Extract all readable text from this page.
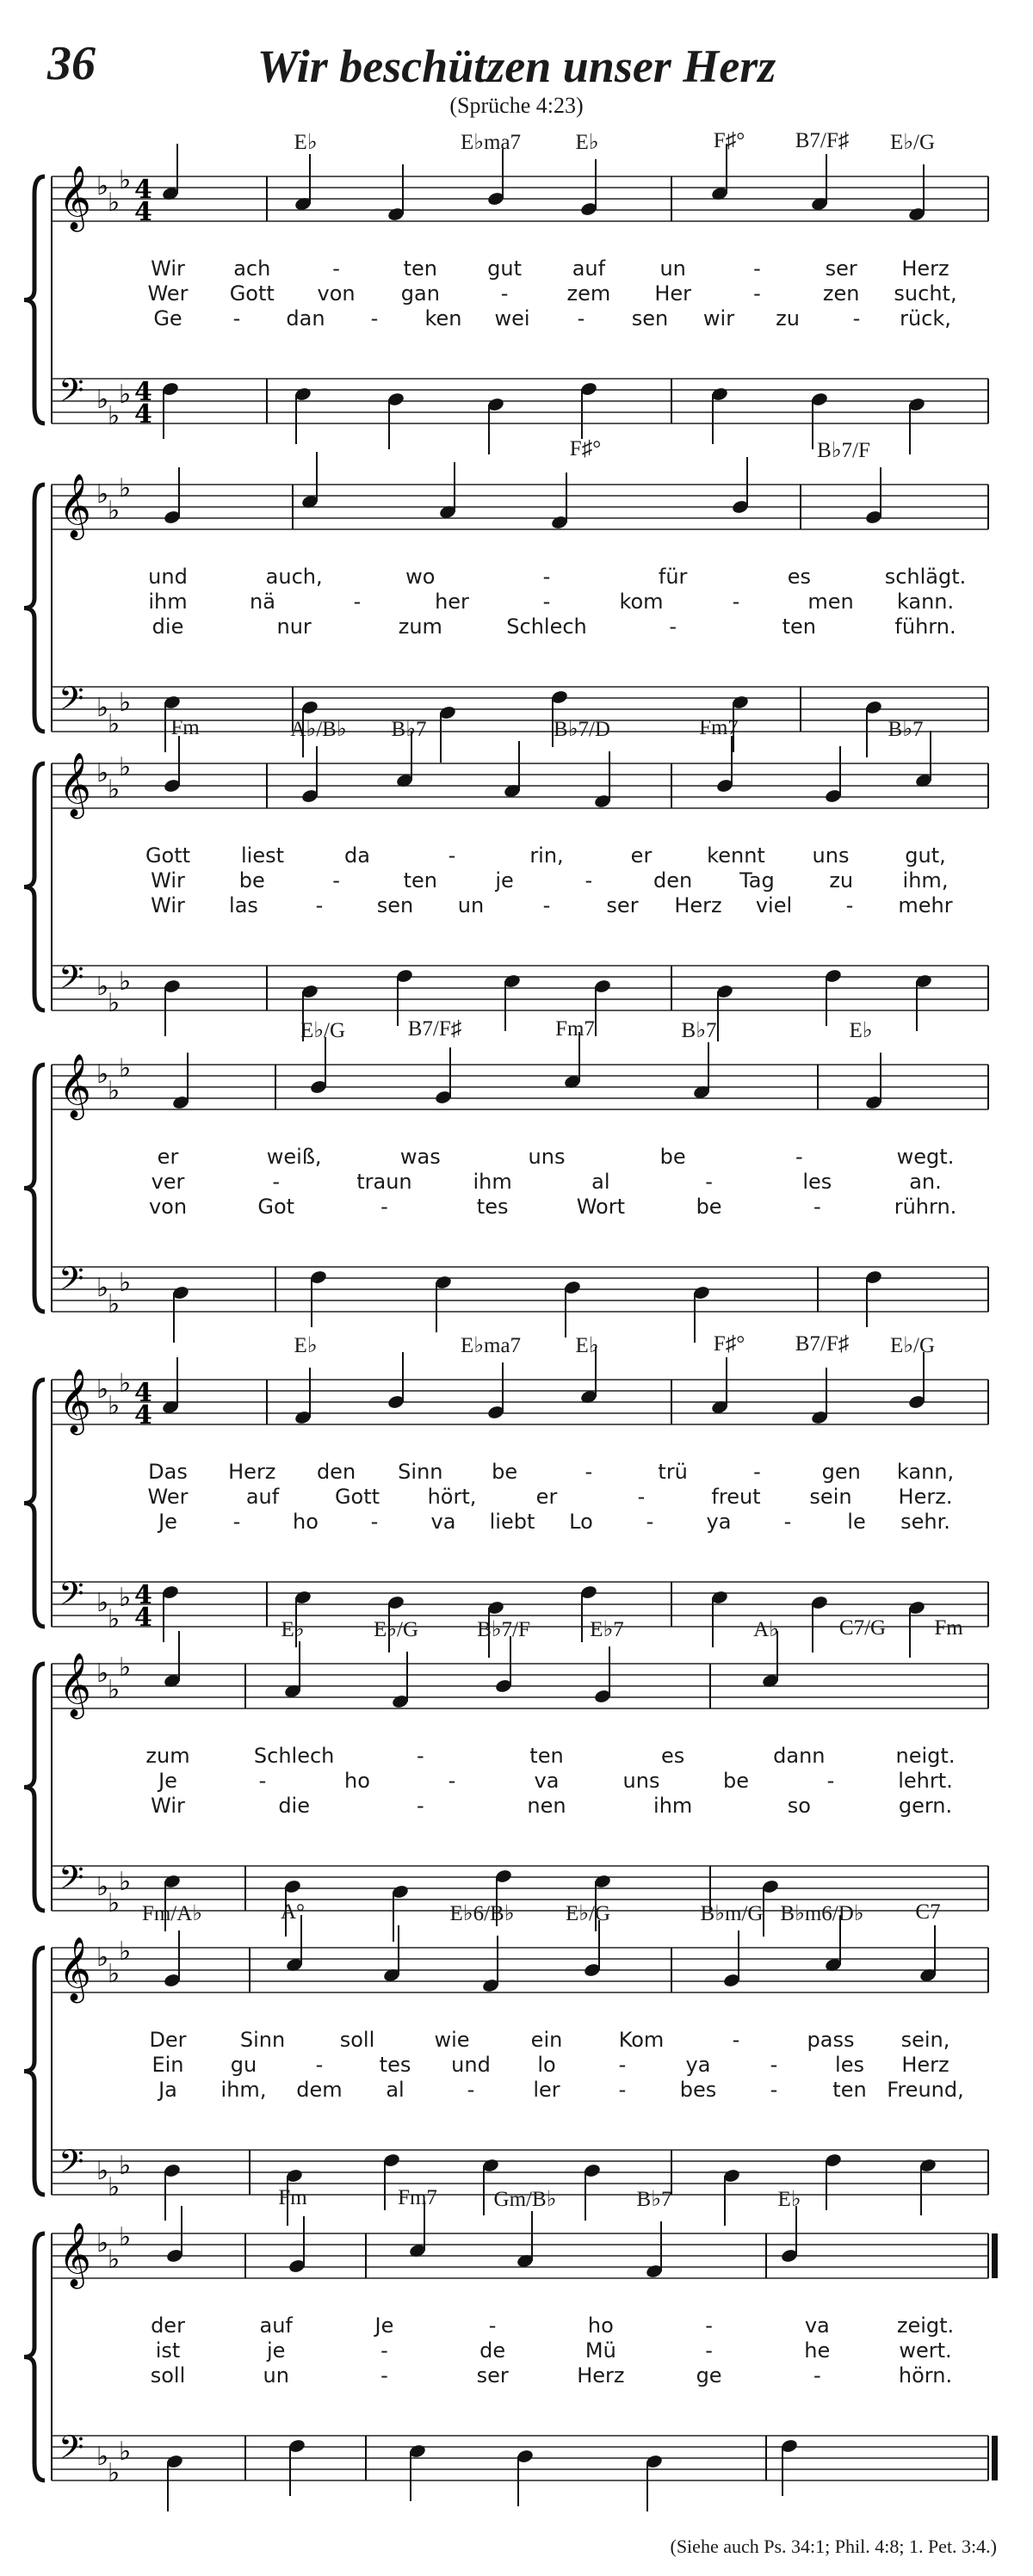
36	Wir beschützen unser Herz
(Sprüche 4:23)
𝄞
𝄢
♭
♭
♭
♭
♭
♭
4
4
4
4
E♭	E♭ma7	E♭	F♯° B7/F♯ E♭/G
Wir ach	-	ten gut auf	un	-	ser Herz
Wer Gott von gan	-	zem Her	-	zen sucht,
Ge - dan - ken wei - sen wir zu	- rück,
𝄞
𝄢
♭
♭
♭
♭
♭
♭
F♯°	B♭7/F
und	auch,	wo	-	für	es	schlägt.
ihm	nä	-	her	-	kom	-	men kann.
die	nur	zum	Schlech	-	ten	führn.
𝄞
𝄢
♭
♭
♭
♭
♭
♭
Fm	A♭/B♭ B♭7	B♭7/D	Fm7	B♭7
Gott liest	da	-	rin,	er	kennt uns	gut,
Wir	be	-	ten	je	-	den Tag	zu ihm,
Wir las	-	sen un	-	ser Herz viel	- mehr
𝄞
𝄢
♭
♭
♭
♭
♭
♭
E♭/G	B7/F♯	Fm7	B♭7	E♭
er	weiß,	was	uns	be	-	wegt.
ver	-	traun	ihm	al	-	les	an.
von	Got	-	tes	Wort	be	-	rührn.
𝄞
𝄢
♭
♭
♭
♭
♭
♭
4
4
4
4
E♭	E♭ma7	E♭	F♯° B7/F♯ E♭/G
Das Herz den Sinn be	-	trü	-	gen kann,
Wer	auf	Gott hört,	er	-	freut sein Herz.
Je	-	ho	-	va liebt Lo	-	ya	-	le sehr.
𝄞
𝄢
♭
♭
♭
♭
♭
♭
E♭	E♭/G	B♭7/F	E♭7	A♭	C7/G Fm
zum	Schlech	-	ten	es	dann	neigt.
Je	-	ho	-	va	uns	be	-	lehrt.
Wir	die	-	nen	ihm	so	gern.
𝄞
𝄢
♭
♭
♭
♭
♭
♭
Fm/A♭	A°	E♭6/B♭ E♭/G	B♭m/G B♭m6/D♭ C7
Der	Sinn	soll	wie	ein	Kom	-	pass sein,
Ein gu	-	tes und lo	-	ya	-	les Herz
Ja ihm, dem al	-	ler	-	bes	-	ten Freund,
𝄞
𝄢
♭
♭
♭
♭
♭
♭
Fm	Fm7	Gm/B♭	B♭7	E♭
der	auf	Je	-	ho	-	va	zeigt.
ist	je	-	de	Mü	-	he	wert.
soll	un	-	ser	Herz	ge	-	hörn.
(Siehe auch Ps. 34:1; Phil. 4:8; 1. Pet. 3:4.)
